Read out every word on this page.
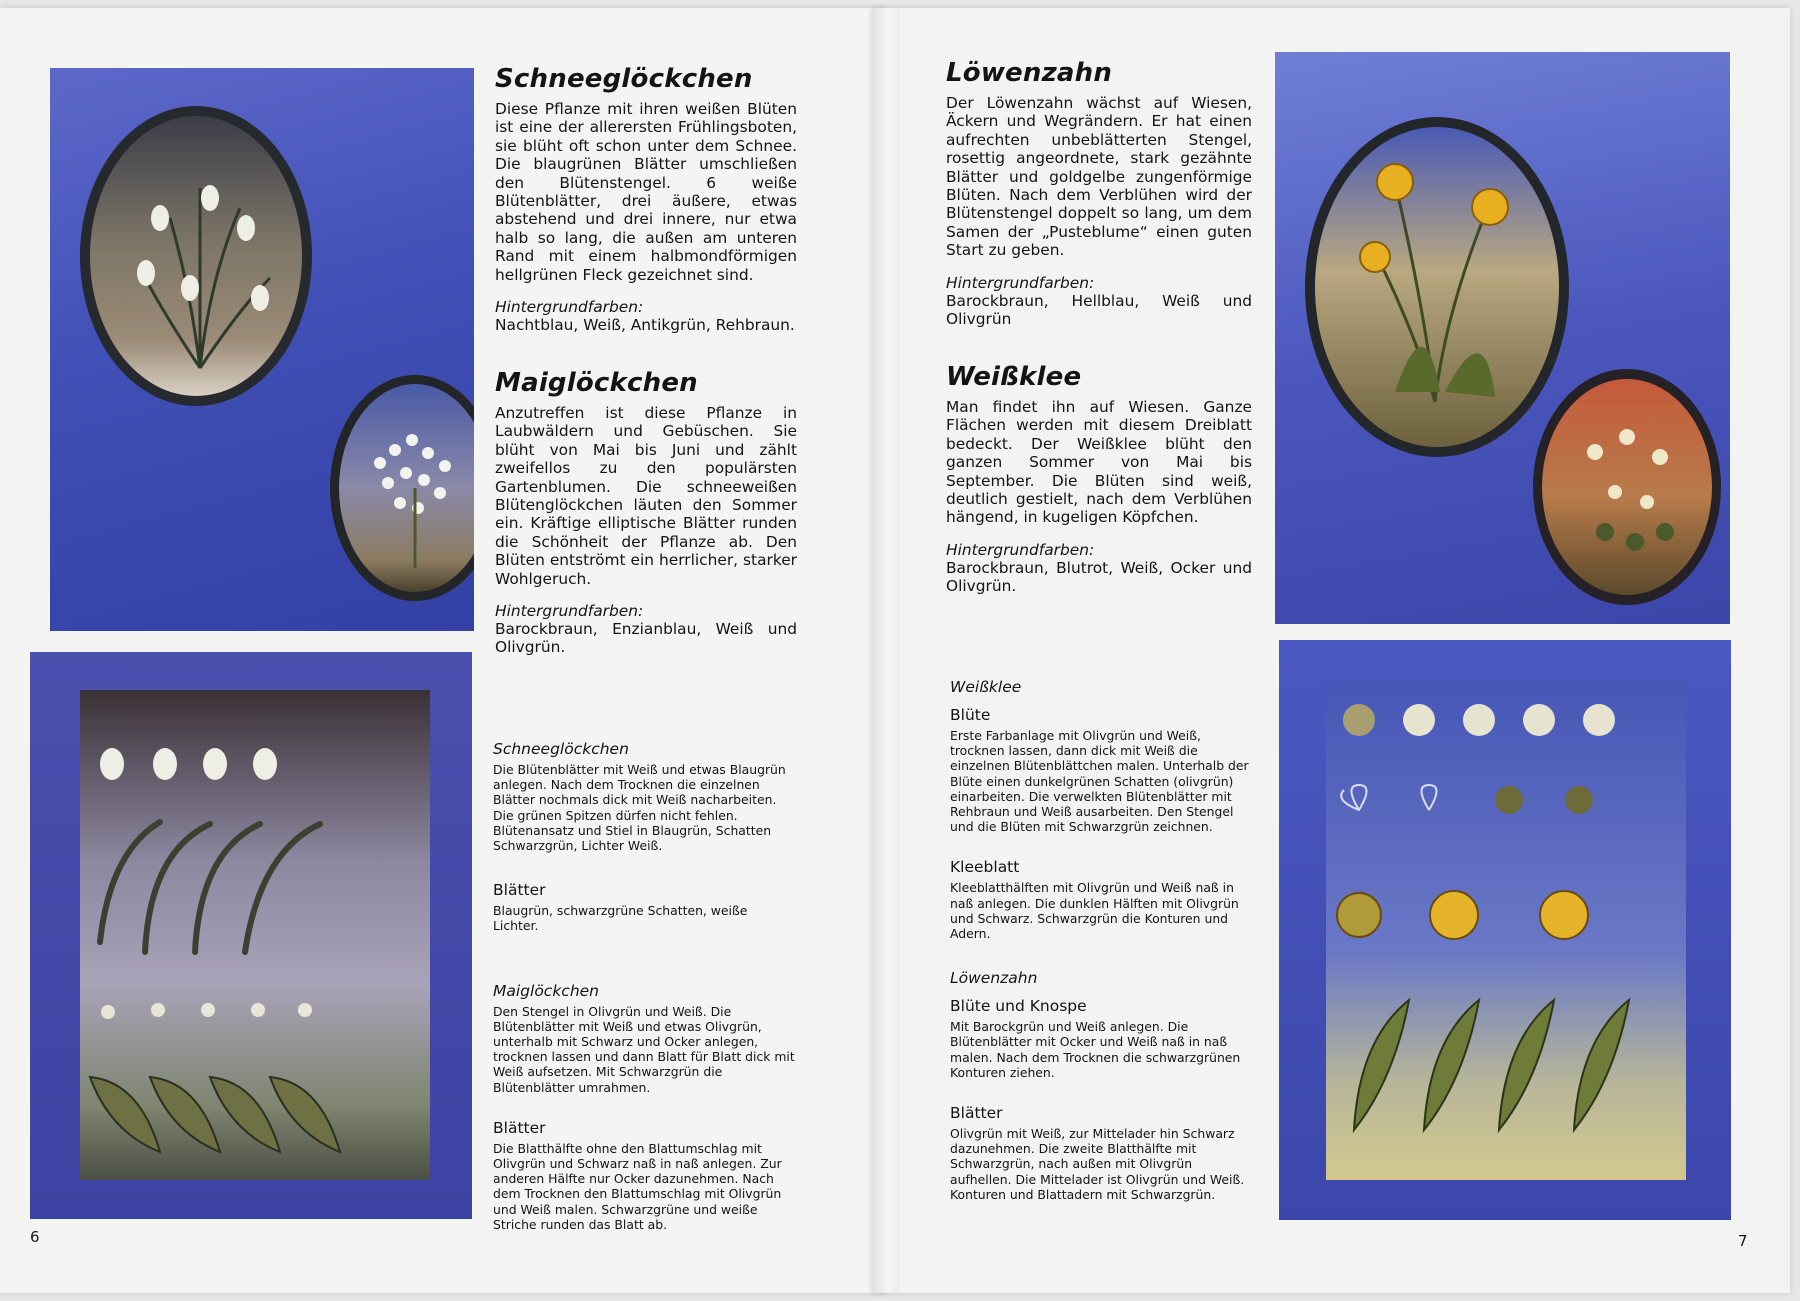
Schneeglöckchen

Diese Pflanze mit ihren weißen Blüten ist eine der allerersten Frühlingsboten, sie blüht oft schon unter dem Schnee. Die blaugrünen Blätter umschließen den Blütenstengel. 6 weiße Blütenblätter, drei äußere, etwas abstehend und drei innere, nur etwa halb so lang, die außen am unteren Rand mit einem halbmondförmigen hellgrünen Fleck gezeichnet sind.

Hintergrundfarben:

Nachtblau, Weiß, Antikgrün, Rehbraun.

Maiglöckchen

Anzutreffen ist diese Pflanze in Laubwäldern und Gebüschen. Sie blüht von Mai bis Juni und zählt zweifellos zu den populärsten Gartenblumen. Die schneeweißen Blütenglöckchen läuten den Sommer ein. Kräftige elliptische Blätter runden die Schönheit der Pflanze ab. Den Blüten entströmt ein herrlicher, starker Wohlgeruch.

Hintergrundfarben:

Barockbraun, Enzianblau, Weiß und Olivgrün.

Schneeglöckchen

Die Blütenblätter mit Weiß und etwas Blaugrün anlegen. Nach dem Trocknen die einzelnen Blätter nochmals dick mit Weiß nacharbeiten. Die grünen Spitzen dürfen nicht fehlen. Blütenansatz und Stiel in Blaugrün, Schatten Schwarzgrün, Lichter Weiß.

Blätter

Blaugrün, schwarzgrüne Schatten, weiße Lichter.

Maiglöckchen

Den Stengel in Olivgrün und Weiß. Die Blütenblätter mit Weiß und etwas Olivgrün, unterhalb mit Schwarz und Ocker anlegen, trocknen lassen und dann Blatt für Blatt dick mit Weiß aufsetzen. Mit Schwarzgrün die Blütenblätter umrahmen.

Blätter

Die Blatthälfte ohne den Blattumschlag mit Olivgrün und Schwarz naß in naß anlegen. Zur anderen Hälfte nur Ocker dazunehmen. Nach dem Trocknen den Blattumschlag mit Olivgrün und Weiß malen. Schwarzgrüne und weiße Striche runden das Blatt ab.

6
Löwenzahn

Der Löwenzahn wächst auf Wiesen, Äckern und Wegrändern. Er hat einen aufrechten unbeblätterten Stengel, rosettig angeordnete, stark gezähnte Blätter und goldgelbe zungenförmige Blüten. Nach dem Verblühen wird der Blütenstengel doppelt so lang, um dem Samen der „Pusteblume“ einen guten Start zu geben.

Hintergrundfarben:

Barockbraun, Hellblau, Weiß und Olivgrün

Weißklee

Man findet ihn auf Wiesen. Ganze Flächen werden mit diesem Dreiblatt bedeckt. Der Weißklee blüht den ganzen Sommer von Mai bis September. Die Blüten sind weiß, deutlich gestielt, nach dem Verblühen hängend, in kugeligen Köpfchen.

Hintergrundfarben:

Barockbraun, Blutrot, Weiß, Ocker und Olivgrün.

Weißklee

Blüte

Erste Farbanlage mit Olivgrün und Weiß, trocknen lassen, dann dick mit Weiß die einzelnen Blütenblättchen malen. Unterhalb der Blüte einen dunkelgrünen Schatten (olivgrün) einarbeiten. Die verwelkten Blütenblätter mit Rehbraun und Weiß ausarbeiten. Den Stengel und die Blüten mit Schwarzgrün zeichnen.

Kleeblatt

Kleeblatthälften mit Olivgrün und Weiß naß in naß anlegen. Die dunklen Hälften mit Olivgrün und Schwarz. Schwarzgrün die Konturen und Adern.

Löwenzahn

Blüte und Knospe

Mit Barockgrün und Weiß anlegen. Die Blütenblätter mit Ocker und Weiß naß in naß malen. Nach dem Trocknen die schwarzgrünen Konturen ziehen.

Blätter

Olivgrün mit Weiß, zur Mittelader hin Schwarz dazunehmen. Die zweite Blatthälfte mit Schwarzgrün, nach außen mit Olivgrün aufhellen. Die Mittelader ist Olivgrün und Weiß. Konturen und Blattadern mit Schwarzgrün.

7
